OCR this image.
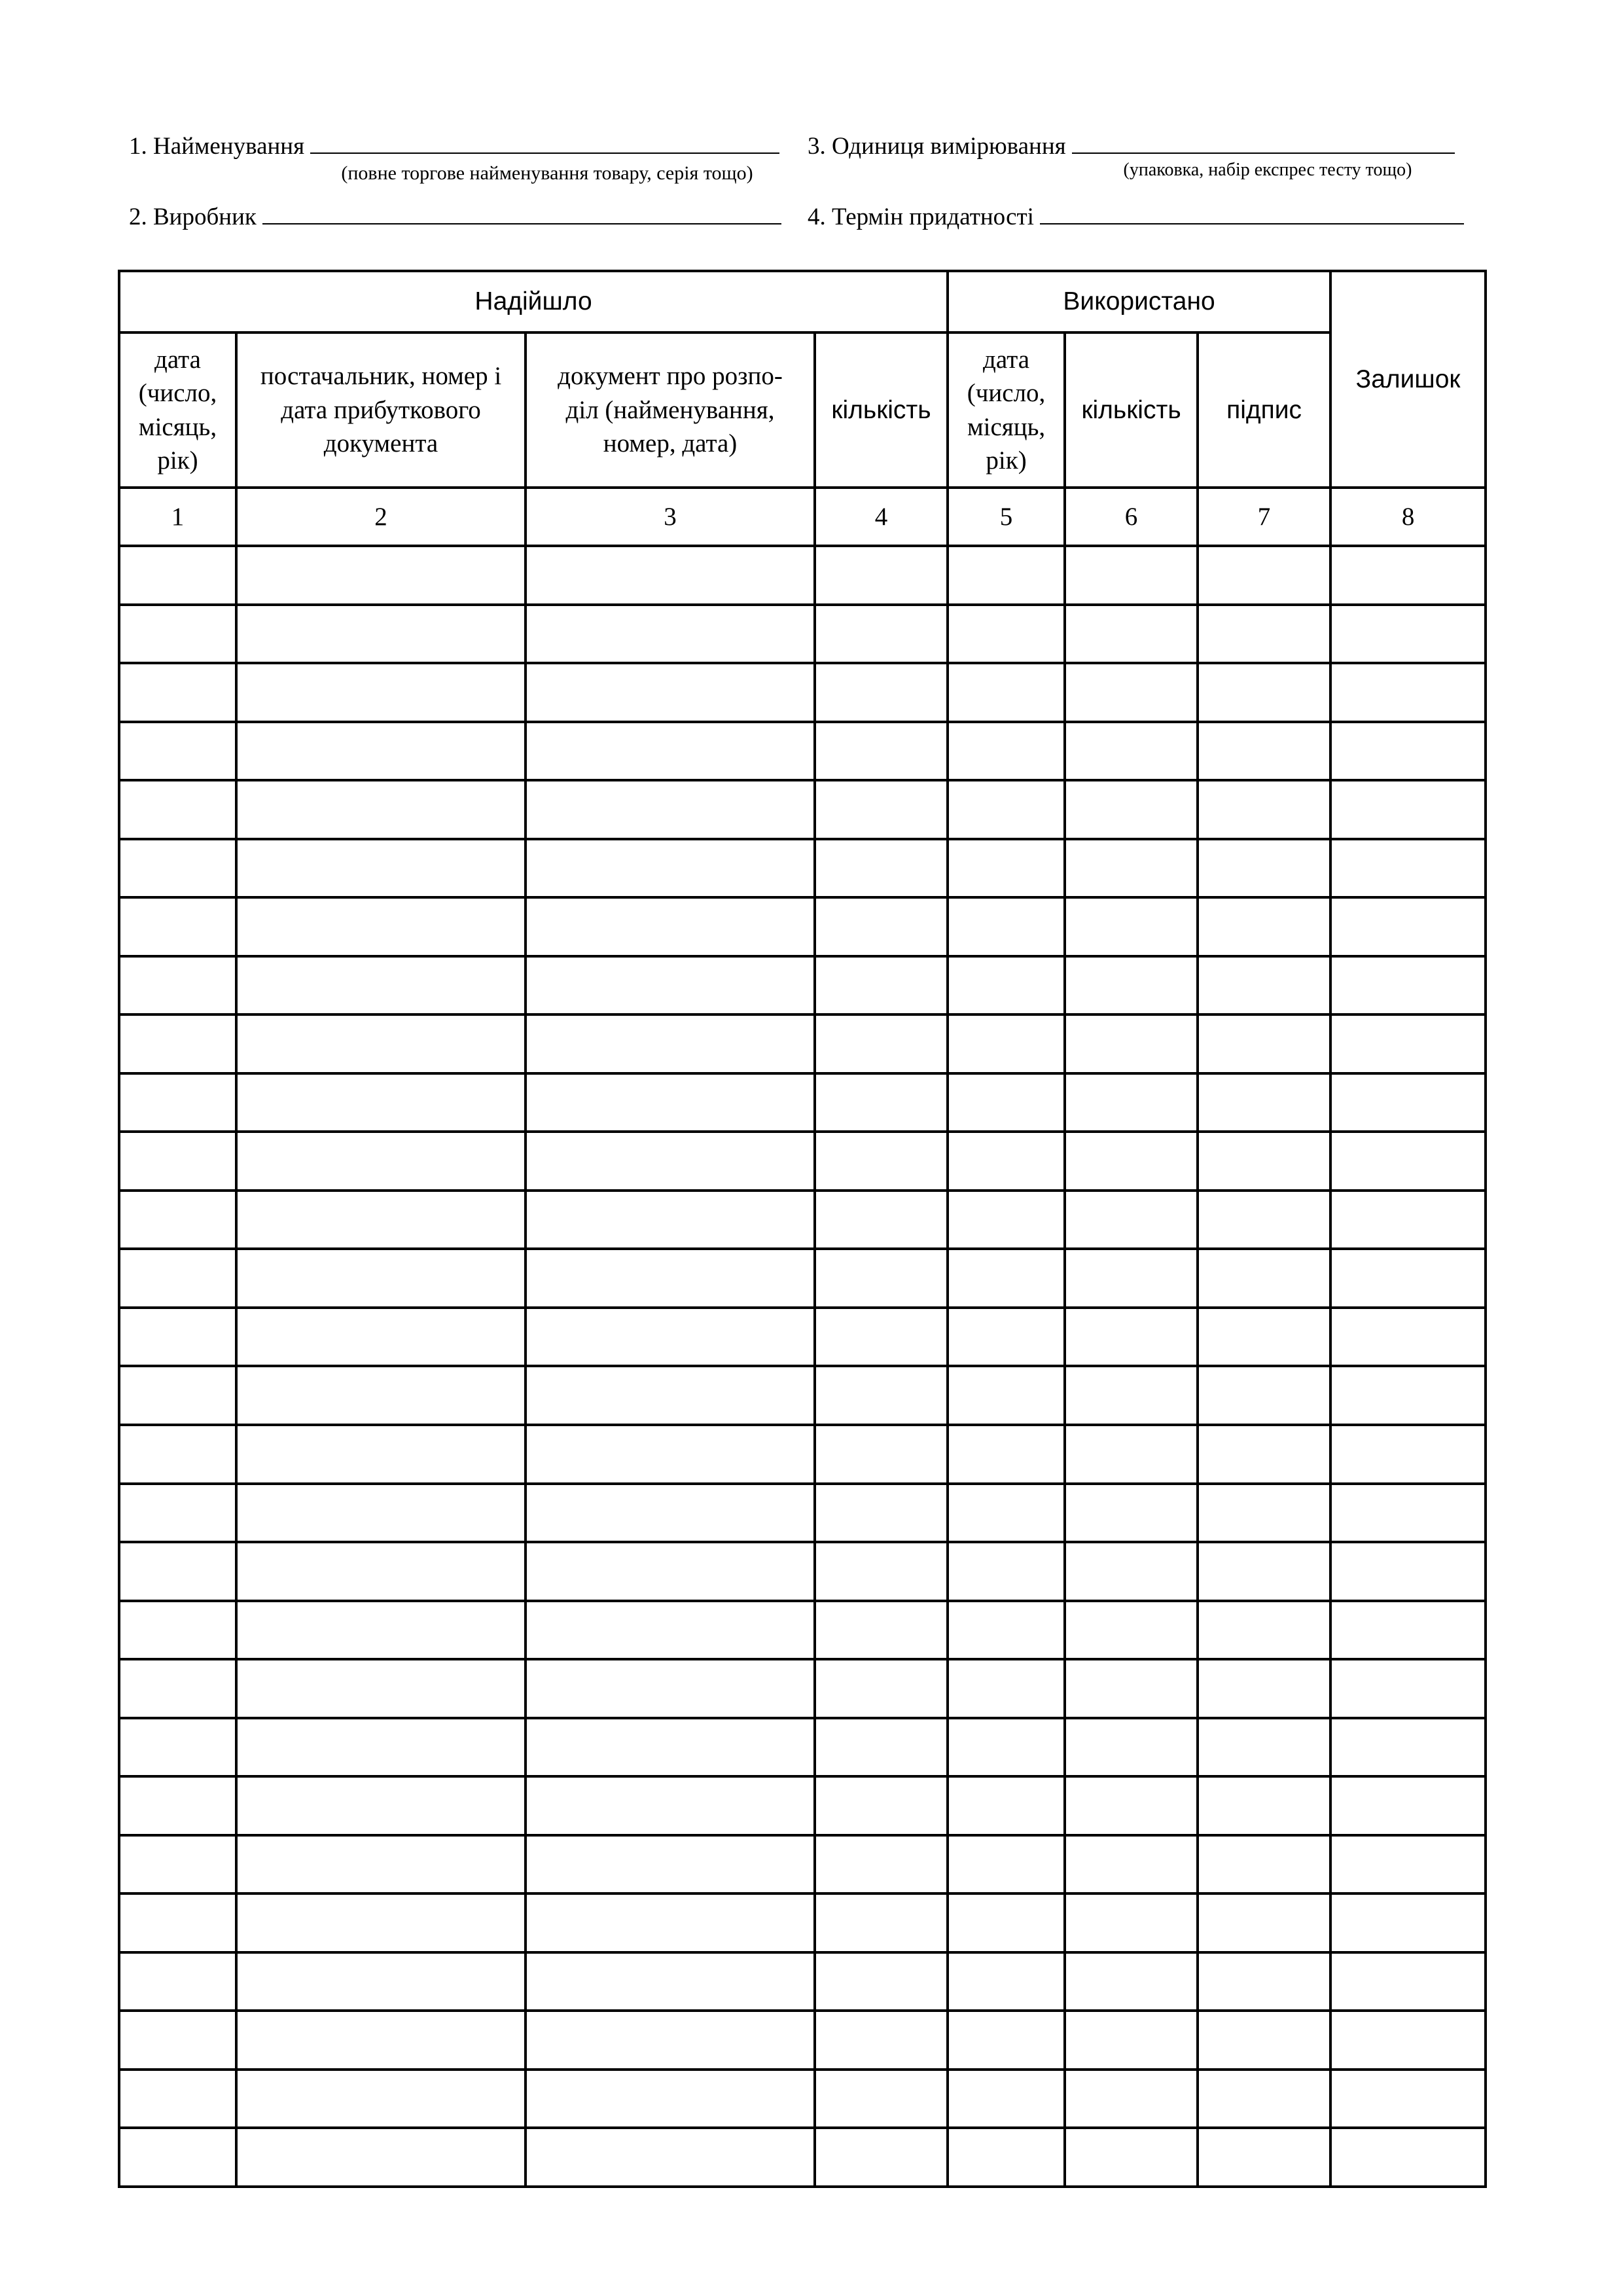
1. Найменування
(повне торгове найменування товару, серія тощо)
2. Виробник
3. Одиниця вимірювання
(упаковка, набір експрес тесту тощо)
4. Термін придатності
Надійшло				Використано			Залишок
дата (число, місяць, рік)	постачальник, номер і дата прибуткового документа	документ про розпо- діл (найменування, номер, дата)	кількість	дата (число, місяць, рік)	кількість	підпис	
1	2	3	4	5	6	7	8
